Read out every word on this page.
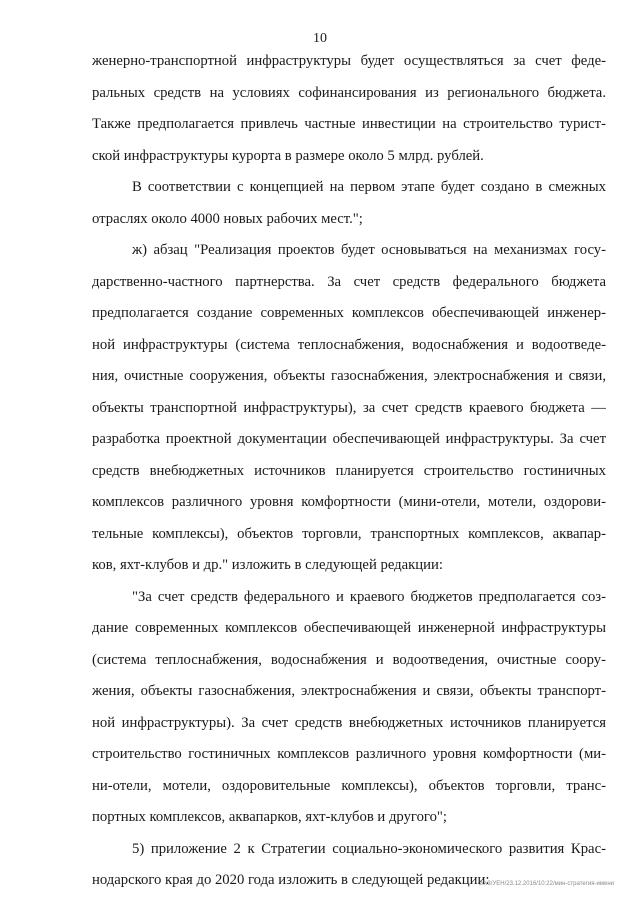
10
женерно-транспортной инфраструктуры будет осуществляться за счет феде-
ральных средств на условиях софинансирования из регионального бюджета.
Также предполагается привлечь частные инвестиции на строительство турист-
ской инфраструктуры курорта в размере около 5 млрд. рублей.
В соответствии с концепцией на первом этапе будет создано в смежных
отраслях около 4000 новых рабочих мест.";
ж) абзац "Реализация проектов будет основываться на механизмах госу-
дарственно-частного партнерства. За счет средств федерального бюджета
предполагается создание современных комплексов обеспечивающей инженер-
ной инфраструктуры (система теплоснабжения, водоснабжения и водоотведе-
ния, очистные сооружения, объекты газоснабжения, электроснабжения и связи,
объекты транспортной инфраструктуры), за счет средств краевого бюджета —
разработка проектной документации обеспечивающей инфраструктуры. За счет
средств внебюджетных источников планируется строительство гостиничных
комплексов различного уровня комфортности (мини-отели, мотели, оздорови-
тельные комплексы), объектов торговли, транспортных комплексов, аквапар-
ков, яхт-клубов и др." изложить в следующей редакции:
"За счет средств федерального и краевого бюджетов предполагается соз-
дание современных комплексов обеспечивающей инженерной инфраструктуры
(система теплоснабжения, водоснабжения и водоотведения, очистные соору-
жения, объекты газоснабжения, электроснабжения и связи, объекты транспорт-
ной инфраструктуры). За счет средств внебюджетных источников планируется
строительство гостиничных комплексов различного уровня комфортности (ми-
ни-отели, мотели, оздоровительные комплексы), объектов торговли, транс-
портных комплексов, аквапарков, яхт-клубов и другого";
5) приложение 2 к Стратегии социально-экономического развития Крас-
нодарского края до 2020 года изложить в следующей редакции:
20.3/УЕН/23.12.2016/10:22/мин-стратегия-имени
